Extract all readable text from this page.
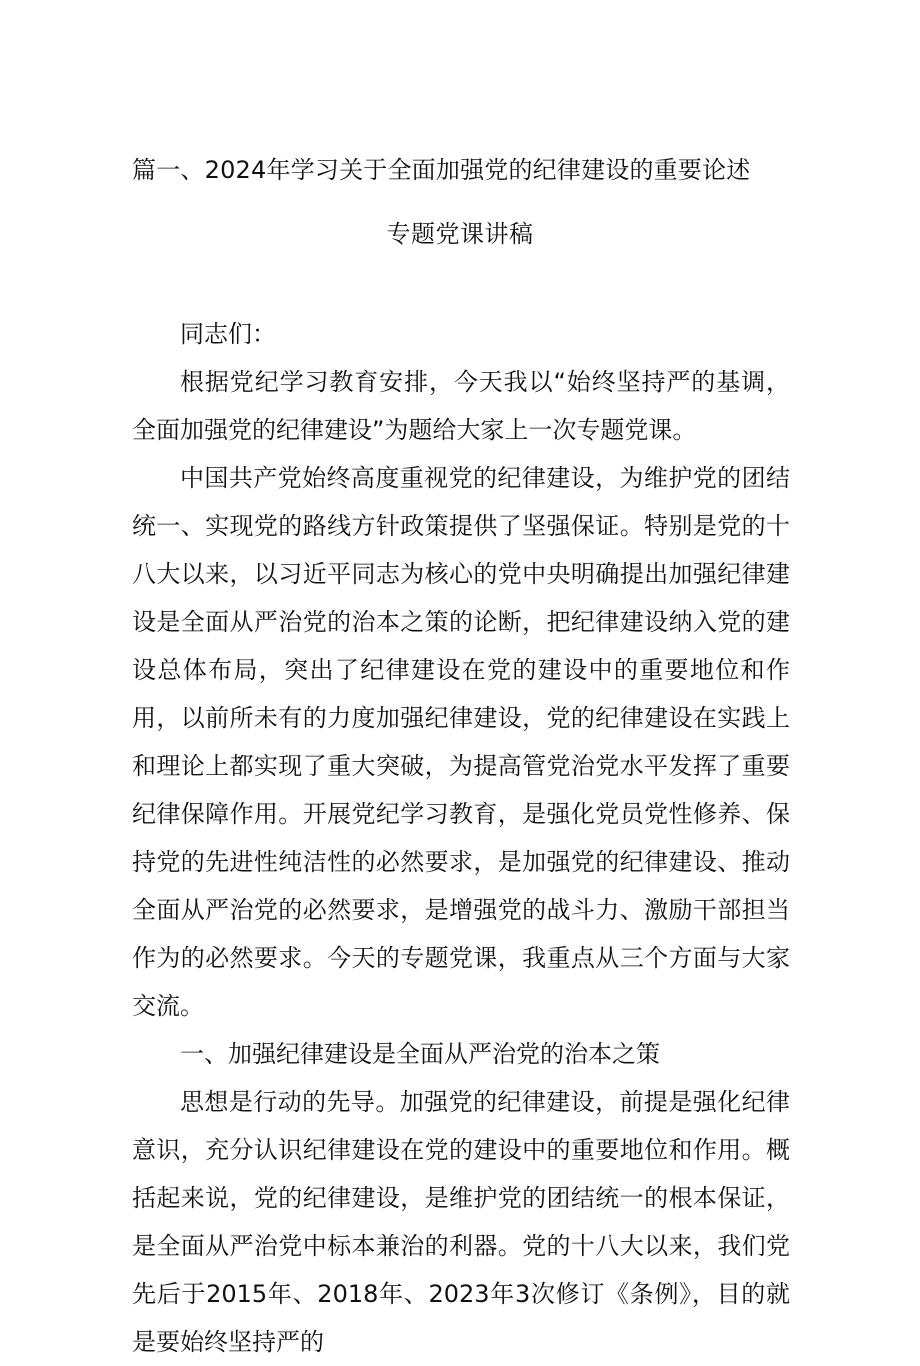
篇一、2024年学习关于全面加强党的纪律建设的重要论述
专题党课讲稿

同志们：

根据党纪学习教育安排，今天我以“始终坚持严的基调，全面加强党的纪律建设”为题给大家上一次专题党课。

中国共产党始终高度重视党的纪律建设，为维护党的团结统一、实现党的路线方针政策提供了坚强保证。特别是党的十八大以来，以习近平同志为核心的党中央明确提出加强纪律建设是全面从严治党的治本之策的论断，把纪律建设纳入党的建设总体布局，突出了纪律建设在党的建设中的重要地位和作用，以前所未有的力度加强纪律建设，党的纪律建设在实践上和理论上都实现了重大突破，为提高管党治党水平发挥了重要纪律保障作用。开展党纪学习教育，是强化党员党性修养、保持党的先进性纯洁性的必然要求，是加强党的纪律建设、推动全面从严治党的必然要求，是增强党的战斗力、激励干部担当作为的必然要求。今天的专题党课，我重点从三个方面与大家交流。

一、加强纪律建设是全面从严治党的治本之策

思想是行动的先导。加强党的纪律建设，前提是强化纪律意识，充分认识纪律建设在党的建设中的重要地位和作用。概括起来说，党的纪律建设，是维护党的团结统一的根本保证，是全面从严治党中标本兼治的利器。党的十八大以来，我们党先后于2015年、2018年、2023年3次修订《条例》，目的就是要始终坚持严的
